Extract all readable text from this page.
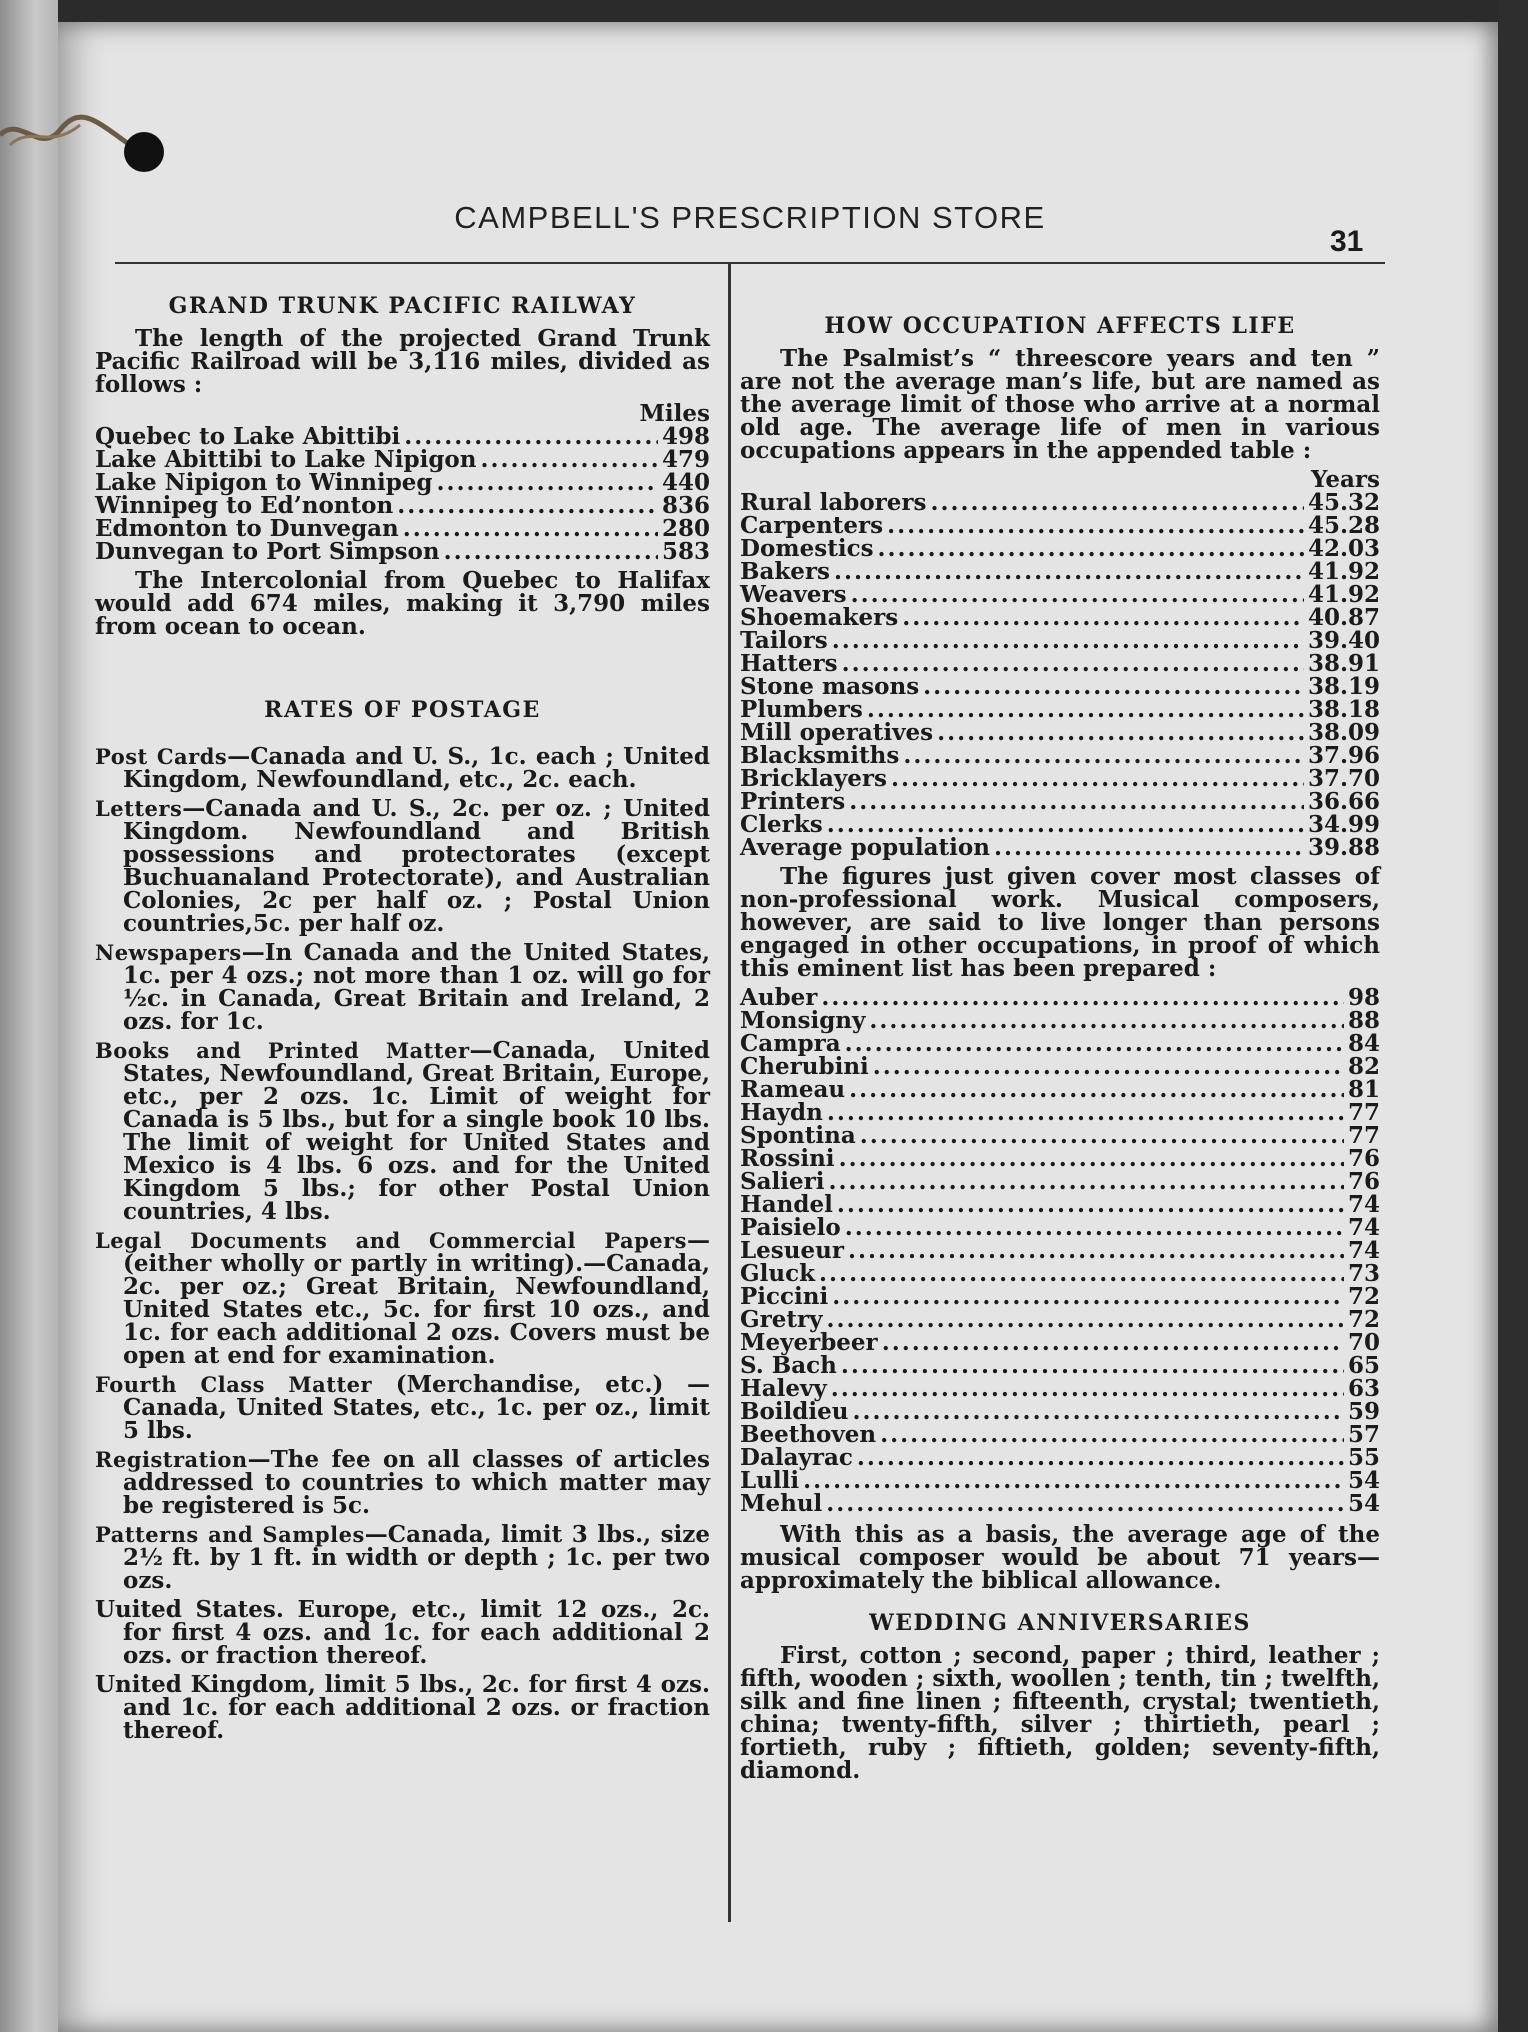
CAMPBELL'S PRESCRIPTION STORE
31
GRAND TRUNK PACIFIC RAILWAY

The length of the projected Grand Trunk Pacific Railroad will be 3,116 miles, divided as follows :

Miles
Quebec to Lake Abittibi .....	498
Lake Abittibi to Lake Nipigon .....	479
Lake Nipigon to Winnipeg .....	440
Winnipeg to Ed’nonton .....	836
Edmonton to Dunvegan .....	280
Dunvegan to Port Simpson .....	583

The Intercolonial from Quebec to Halifax would add 674 miles, making it 3,790 miles from ocean to ocean.

RATES OF POSTAGE

Post Cards—Canada and U. S., 1c. each ; United Kingdom, Newfoundland, etc., 2c. each.

Letters—Canada and U. S., 2c. per oz. ; United Kingdom. Newfoundland and British possessions and protectorates (except Buchuanaland Protectorate), and Australian Colonies, 2c per half oz. ; Postal Union countries,5c. per half oz.

Newspapers—In Canada and the United States, 1c. per 4 ozs.; not more than 1 oz. will go for ½c. in Canada, Great Britain and Ireland, 2 ozs. for 1c.

Books and Printed Matter—Canada, United States, Newfoundland, Great Britain, Europe, etc., per 2 ozs. 1c. Limit of weight for Canada is 5 lbs., but for a single book 10 lbs. The limit of weight for United States and Mexico is 4 lbs. 6 ozs. and for the United Kingdom 5 lbs.; for other Postal Union countries, 4 lbs.

Legal Documents and Commercial Papers—(either wholly or partly in writing).—Canada, 2c. per oz.; Great Britain, Newfoundland, United States etc., 5c. for first 10 ozs., and 1c. for each additional 2 ozs. Covers must be open at end for examination.

Fourth Class Matter (Merchandise, etc.) —Canada, United States, etc., 1c. per oz., limit 5 lbs.

Registration—The fee on all classes of articles addressed to countries to which matter may be registered is 5c.

Patterns and Samples—Canada, limit 3 lbs., size 2½ ft. by 1 ft. in width or depth ; 1c. per two ozs.

Uuited States. Europe, etc., limit 12 ozs., 2c. for first 4 ozs. and 1c. for each additional 2 ozs. or fraction thereof.

United Kingdom, limit 5 lbs., 2c. for first 4 ozs. and 1c. for each additional 2 ozs. or fraction thereof.

HOW OCCUPATION AFFECTS LIFE

The Psalmist’s “ threescore years and ten ” are not the average man’s life, but are named as the average limit of those who arrive at a normal old age. The average life of men in various occupations appears in the appended table :

Years
Rural laborers .....	45.32
Carpenters .....	45.28
Domestics .....	42.03
Bakers .....	41.92
Weavers .....	41.92
Shoemakers .....	40.87
Tailors .....	39.40
Hatters .....	38.91
Stone masons .....	38.19
Plumbers .....	38.18
Mill operatives .....	38.09
Blacksmiths .....	37.96
Bricklayers .....	37.70
Printers .....	36.66
Clerks .....	34.99
Average population .....	39.88

The figures just given cover most classes of non-professional work. Musical composers, however, are said to live longer than persons engaged in other occupations, in proof of which this eminent list has been prepared :

Auber .....	98
Monsigny .....	88
Campra .....	84
Cherubini .....	82
Rameau .....	81
Haydn .....	77
Spontina .....	77
Rossini .....	76
Salieri .....	76
Handel .....	74
Paisielo .....	74
Lesueur .....	74
Gluck .....	73
Piccini .....	72
Gretry .....	72
Meyerbeer .....	70
S. Bach .....	65
Halevy .....	63
Boildieu .....	59
Beethoven .....	57
Dalayrac .....	55
Lulli .....	54
Mehul .....	54

With this as a basis, the average age of the musical composer would be about 71 years—approximately the biblical allowance.

WEDDING ANNIVERSARIES

First, cotton ; second, paper ; third, leather ; fifth, wooden ; sixth, woollen ; tenth, tin ; twelfth, silk and fine linen ; fifteenth, crystal; twentieth, china; twenty-fifth, silver ; thirtieth, pearl ; fortieth, ruby ; fiftieth, golden; seventy-fifth, diamond.
